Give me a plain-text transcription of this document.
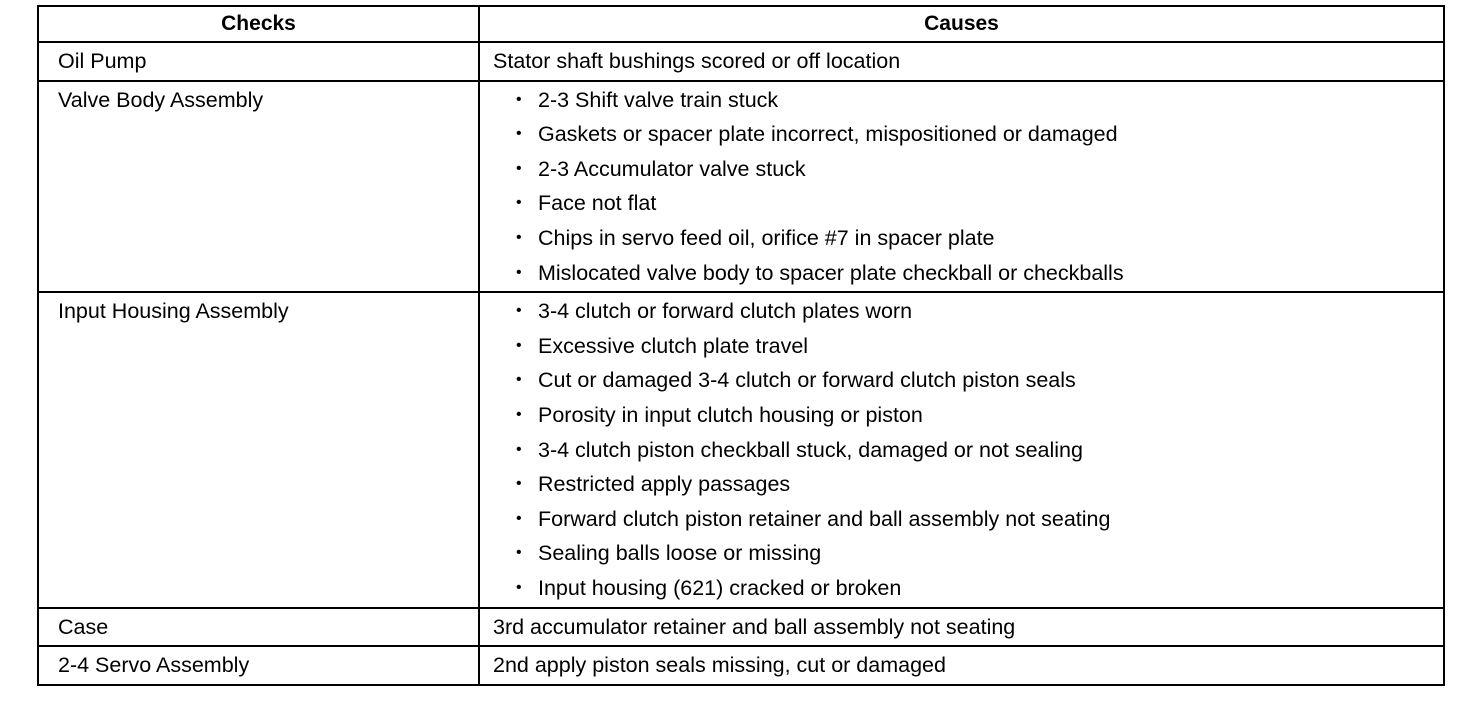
Checks	Causes
Oil Pump	Stator shaft bushings scored or off location
Valve Body Assembly	• 2-3 Shift valve train stuck
• Gaskets or spacer plate incorrect, mispositioned or damaged
• 2-3 Accumulator valve stuck
• Face not flat
• Chips in servo feed oil, orifice #7 in spacer plate
• Mislocated valve body to spacer plate checkball or checkballs
Input Housing Assembly	• 3-4 clutch or forward clutch plates worn
• Excessive clutch plate travel
• Cut or damaged 3-4 clutch or forward clutch piston seals
• Porosity in input clutch housing or piston
• 3-4 clutch piston checkball stuck, damaged or not sealing
• Restricted apply passages
• Forward clutch piston retainer and ball assembly not seating
• Sealing balls loose or missing
• Input housing (621) cracked or broken
Case	3rd accumulator retainer and ball assembly not seating
2-4 Servo Assembly	2nd apply piston seals missing, cut or damaged
